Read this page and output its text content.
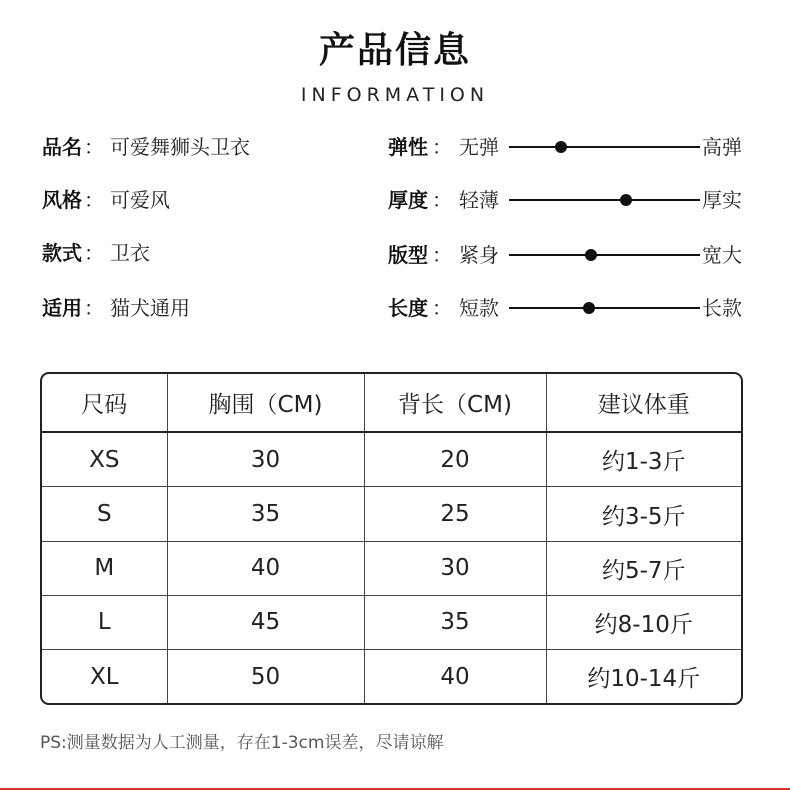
产品信息
INFORMATION
品名 ： 可爱舞狮头卫衣
风格 ： 可爱风
款式 ： 卫衣
适用 ： 猫犬通用
弹性 ： 无弹	高弹
厚度 ： 轻薄	厚实
版型 ： 紧身	宽大
长度 ： 短款	长款
尺码	胸围（CM)	背长（CM)	建议体重
XS	30	20	约1-3斤
S	35	25	约3-5斤
M	40	30	约5-7斤
L	45	35	约8-10斤
XL	50	40	约10-14斤
PS:测量数据为人工测量，存在1-3cm误差，尽请谅解
